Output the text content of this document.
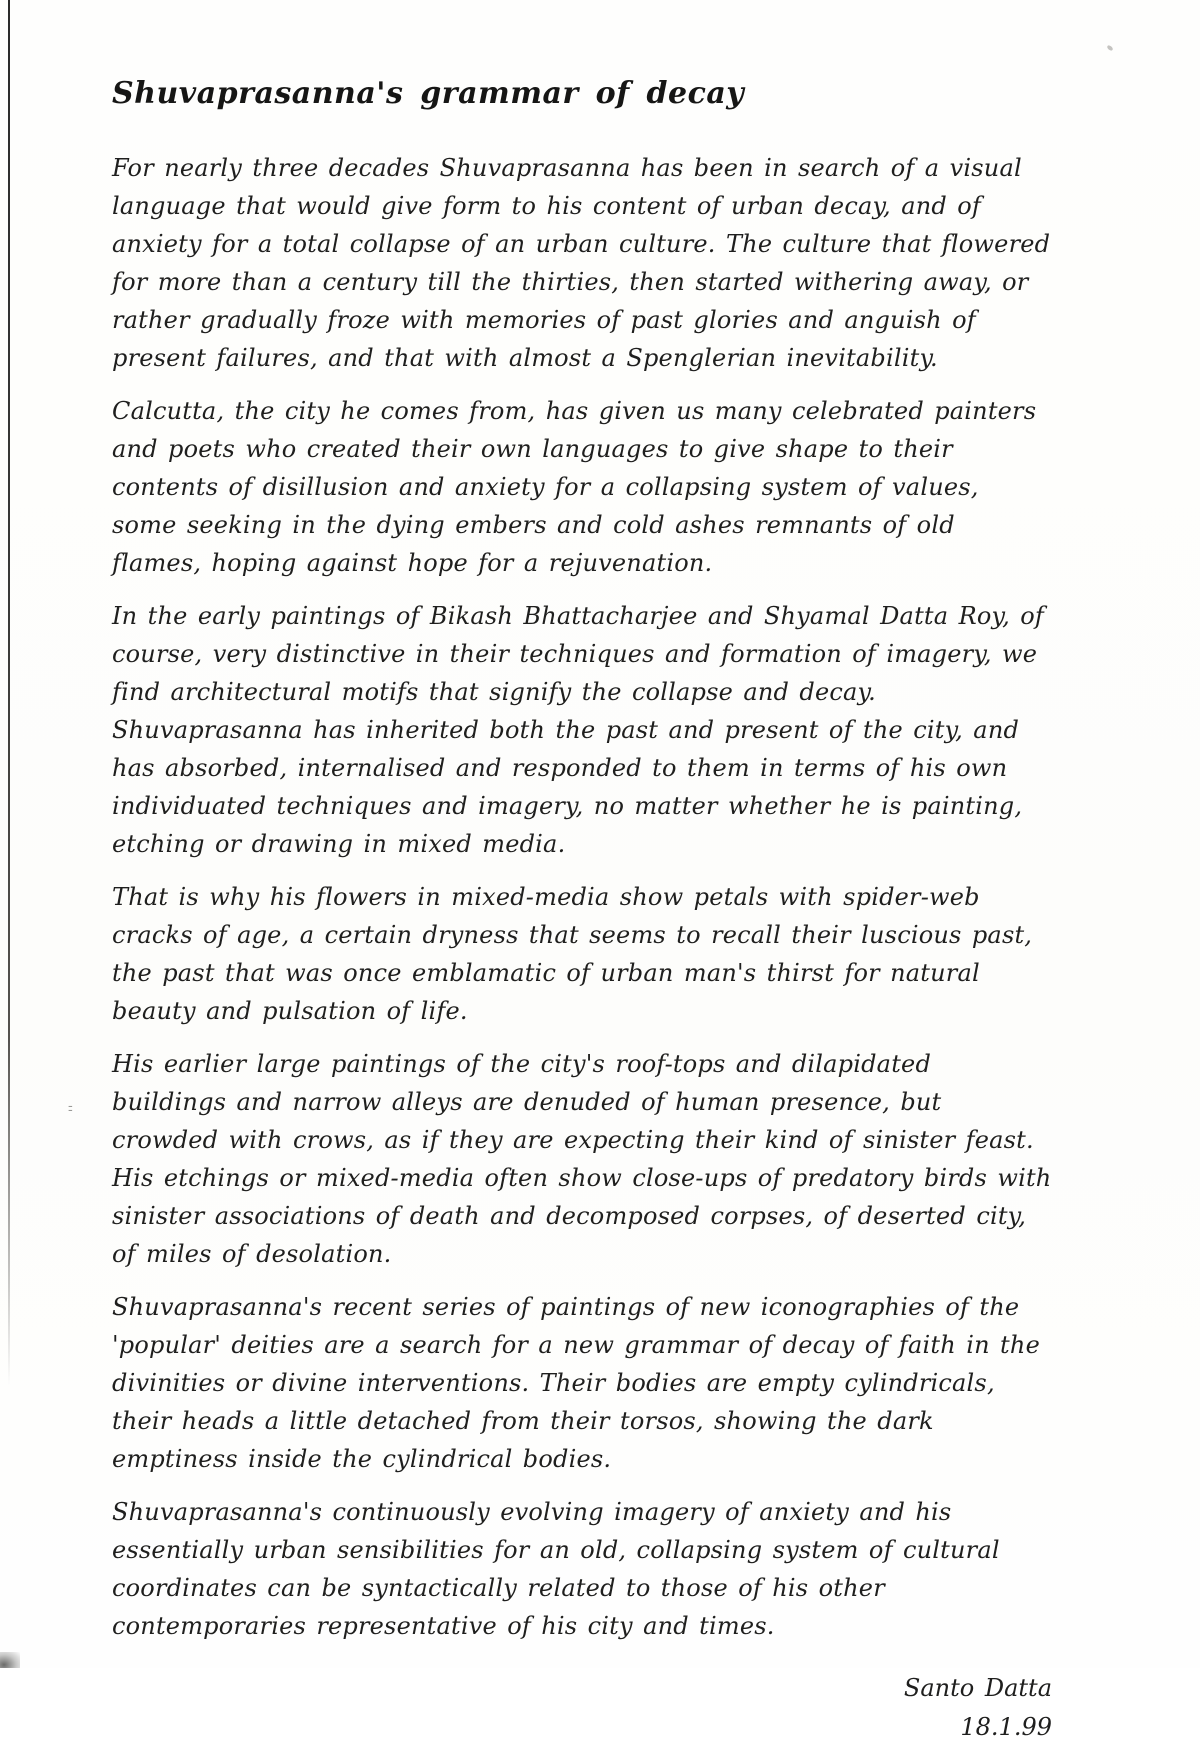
- -
Shuvaprasanna's grammar of decay

For nearly three decades Shuvaprasanna has been in search of a visual language that would give form to his content of urban decay, and of anxiety for a total collapse of an urban culture. The culture that flowered for more than a century till the thirties, then started withering away, or rather gradually froze with memories of past glories and anguish of present failures, and that with almost a Spenglerian inevitability.

Calcutta, the city he comes from, has given us many celebrated painters and poets who created their own languages to give shape to their contents of disillusion and anxiety for a collapsing system of values, some seeking in the dying embers and cold ashes remnants of old flames, hoping against hope for a rejuvenation.

In the early paintings of Bikash Bhattacharjee and Shyamal Datta Roy, of course, very distinctive in their techniques and formation of imagery, we find architectural motifs that signify the collapse and decay. Shuvaprasanna has inherited both the past and present of the city, and has absorbed, internalised and responded to them in terms of his own individuated techniques and imagery, no matter whether he is painting, etching or drawing in mixed media.

That is why his flowers in mixed-media show petals with spider-web cracks of age, a certain dryness that seems to recall their luscious past, the past that was once emblamatic of urban man's thirst for natural beauty and pulsation of life.

His earlier large paintings of the city's roof-tops and dilapidated buildings and narrow alleys are denuded of human presence, but crowded with crows, as if they are expecting their kind of sinister feast. His etchings or mixed-media often show close-ups of predatory birds with sinister associations of death and decomposed corpses, of deserted city, of miles of desolation.

Shuvaprasanna's recent series of paintings of new iconographies of the 'popular' deities are a search for a new grammar of decay of faith in the divinities or divine interventions. Their bodies are empty cylindricals, their heads a little detached from their torsos, showing the dark emptiness inside the cylindrical bodies.

Shuvaprasanna's continuously evolving imagery of anxiety and his essentially urban sensibilities for an old, collapsing system of cultural coordinates can be syntactically related to those of his other contemporaries representative of his city and times.

Santo Datta
18.1.99
